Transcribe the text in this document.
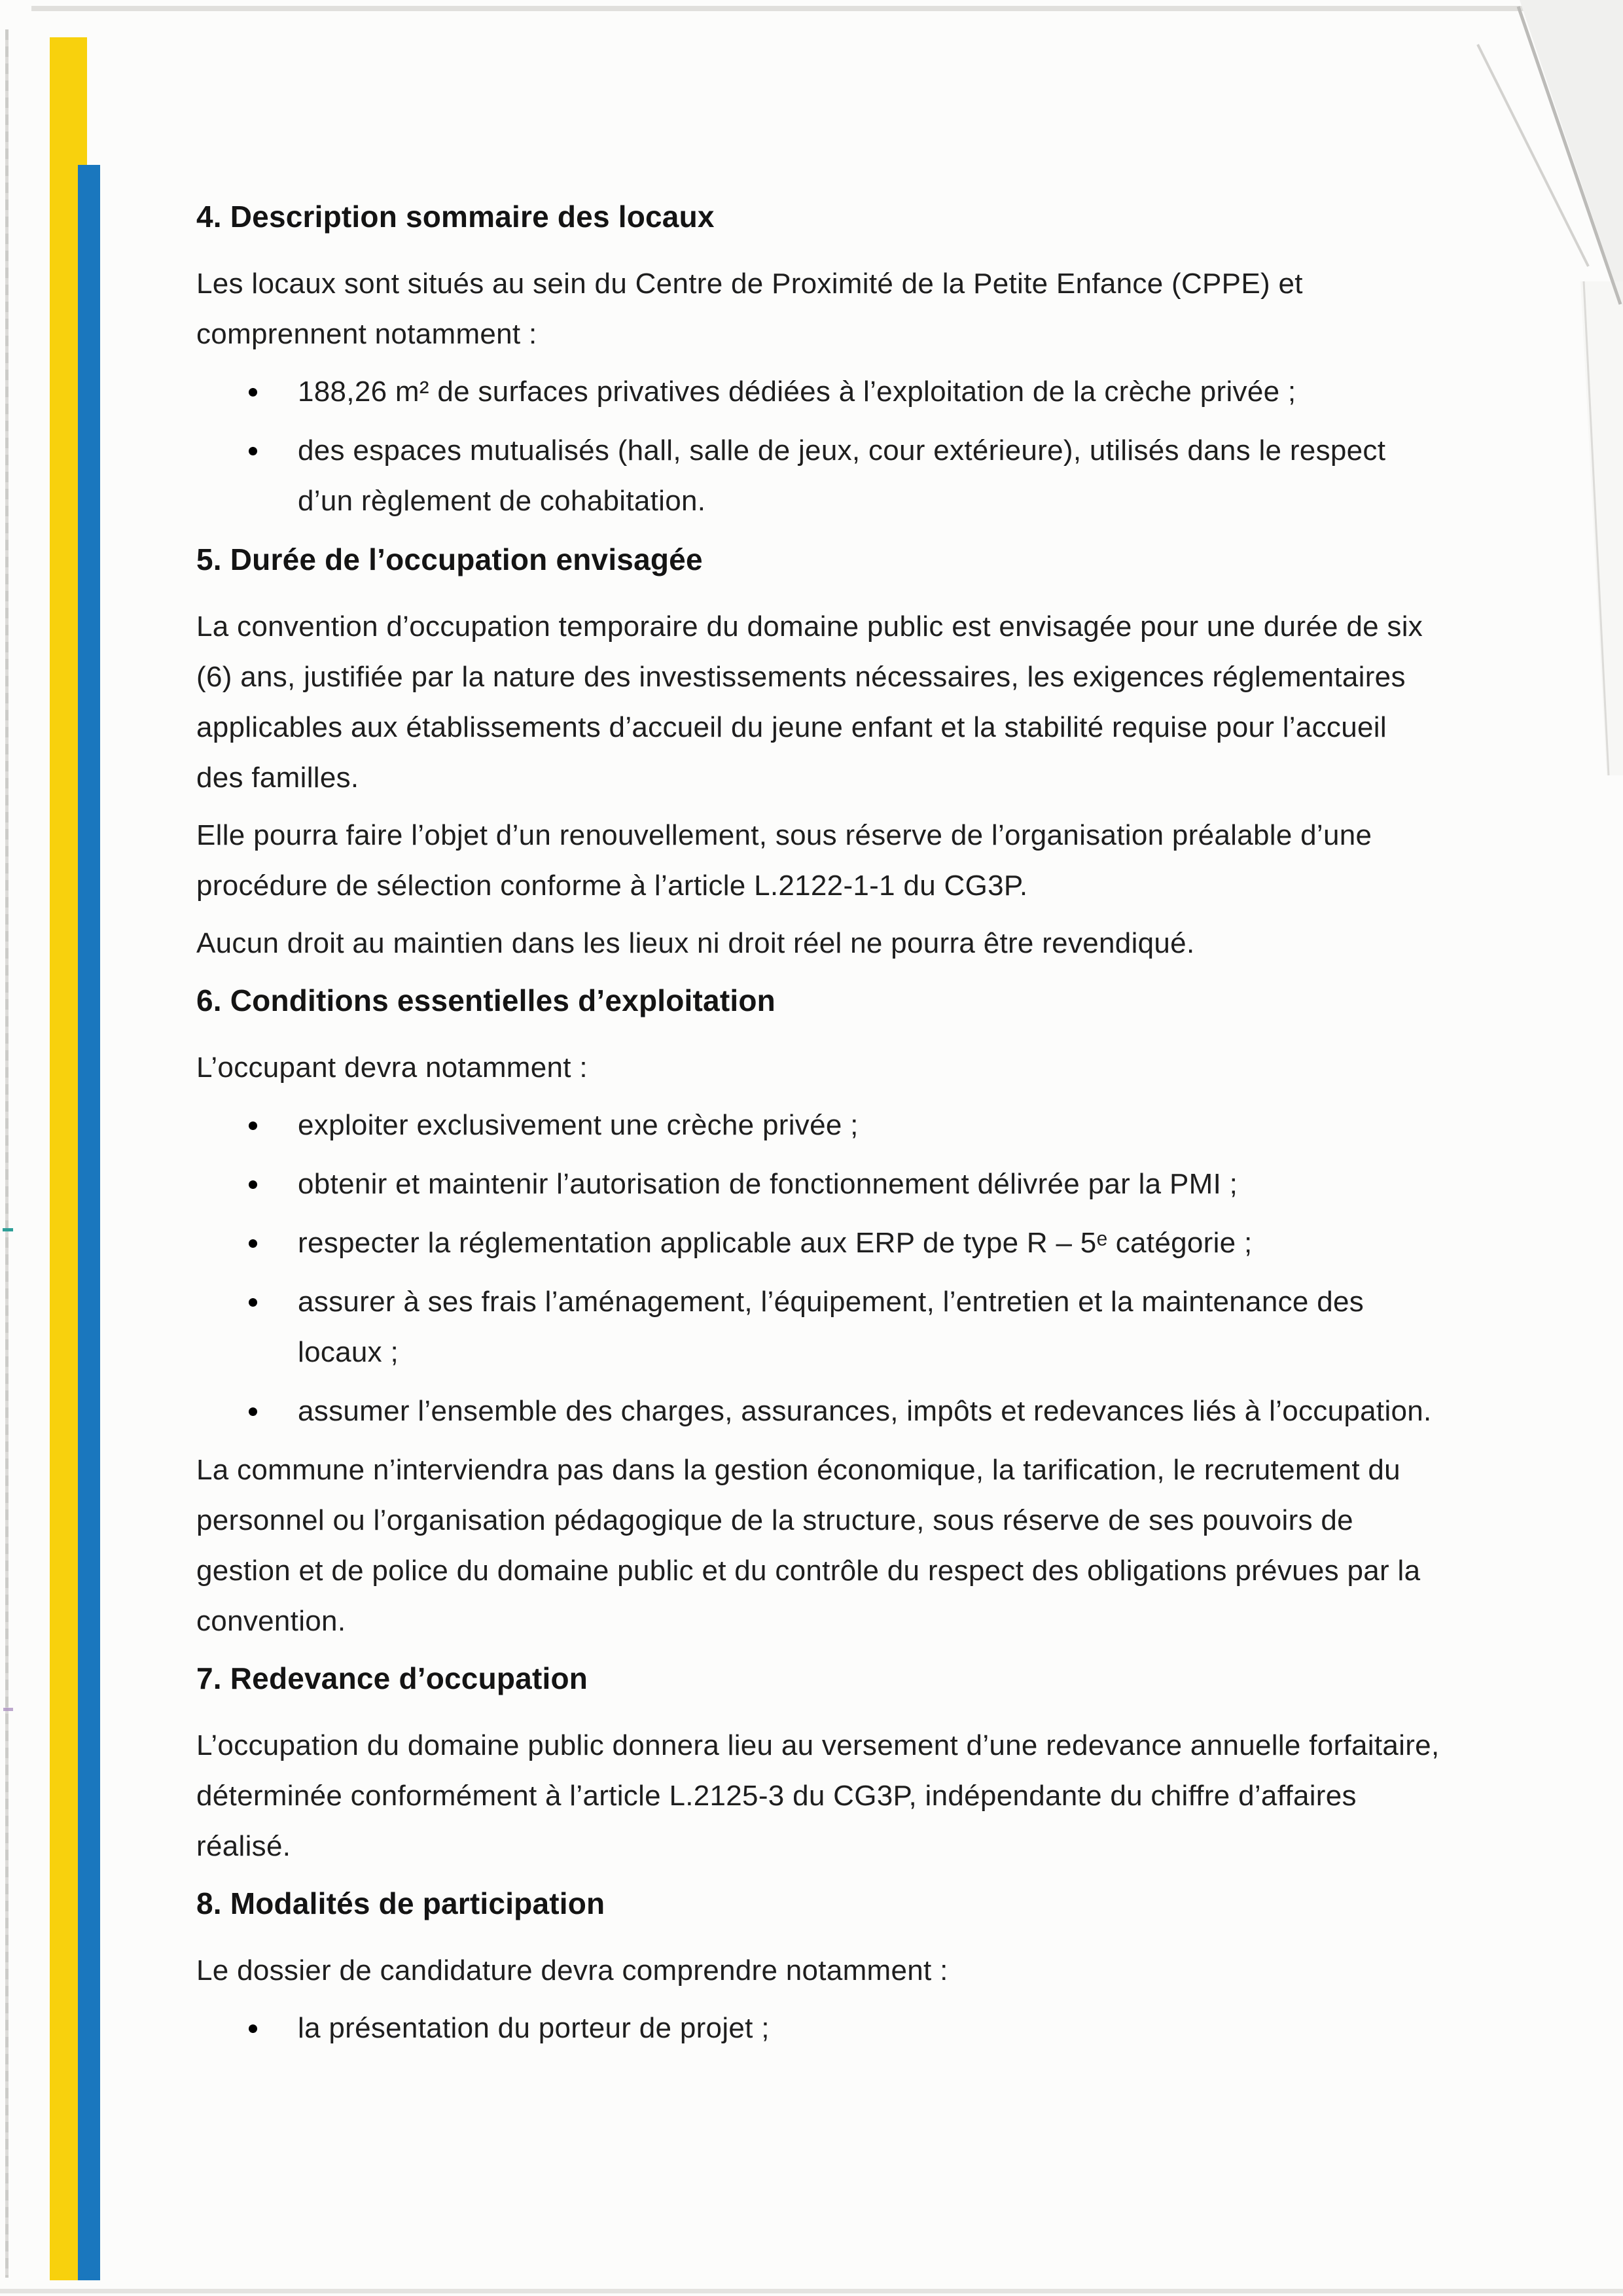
4. Description sommaire des locaux

Les locaux sont situés au sein du Centre de Proximité de la Petite Enfance (CPPE) et comprennent notamment :

188,26 m² de surfaces privatives dédiées à l’exploitation de la crèche privée ;
des espaces mutualisés (hall, salle de jeux, cour extérieure), utilisés dans le respect d’un règlement de cohabitation.
5. Durée de l’occupation envisagée

La convention d’occupation temporaire du domaine public est envisagée pour une durée de six (6) ans, justifiée par la nature des investissements nécessaires, les exigences réglementaires applicables aux établissements d’accueil du jeune enfant et la stabilité requise pour l’accueil des familles.

Elle pourra faire l’objet d’un renouvellement, sous réserve de l’organisation préalable d’une procédure de sélection conforme à l’article L.2122-1-1 du CG3P.

Aucun droit au maintien dans les lieux ni droit réel ne pourra être revendiqué.

6. Conditions essentielles d’exploitation

L’occupant devra notamment :

exploiter exclusivement une crèche privée ;
obtenir et maintenir l’autorisation de fonctionnement délivrée par la PMI ;
respecter la réglementation applicable aux ERP de type R – 5ᵉ catégorie ;
assurer à ses frais l’aménagement, l’équipement, l’entretien et la maintenance des locaux ;
assumer l’ensemble des charges, assurances, impôts et redevances liés à l’occupation.

La commune n’interviendra pas dans la gestion économique, la tarification, le recrutement du personnel ou l’organisation pédagogique de la structure, sous réserve de ses pouvoirs de gestion et de police du domaine public et du contrôle du respect des obligations prévues par la convention.

7. Redevance d’occupation

L’occupation du domaine public donnera lieu au versement d’une redevance annuelle forfaitaire, déterminée conformément à l’article L.2125-3 du CG3P, indépendante du chiffre d’affaires réalisé.

8. Modalités de participation

Le dossier de candidature devra comprendre notamment :

la présentation du porteur de projet ;
